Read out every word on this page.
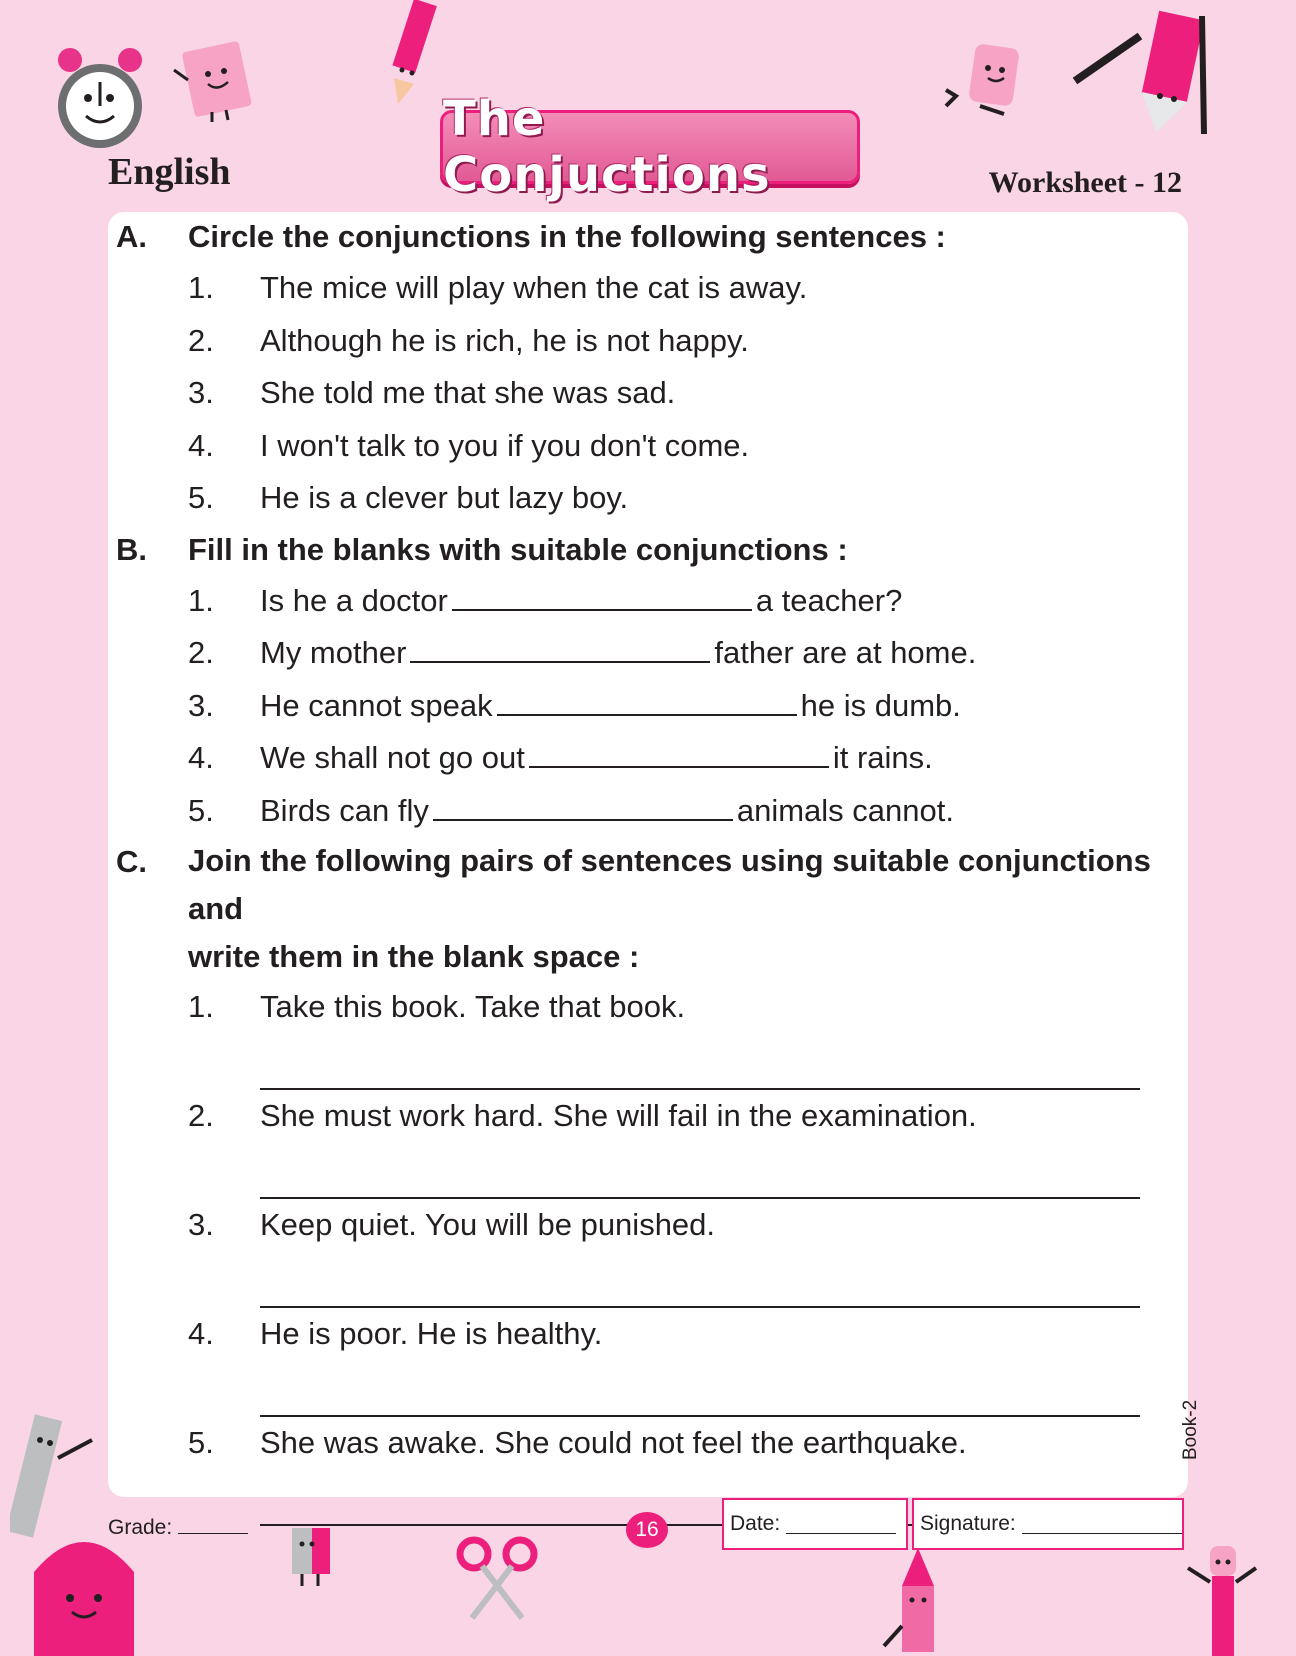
The Conjuctions
English	Worksheet - 12
A.	Circle the conjunctions in the following sentences :
1.	The mice will play when the cat is away.
2.	Although he is rich, he is not happy.
3.	She told me that she was sad.
4.	I won't talk to you if you don't come.
5.	He is a clever but lazy boy.
B.	Fill in the blanks with suitable conjunctions :
1.	Is he a doctor	a teacher?
2.	My mother	father are at home.
3.	He cannot speak	he is dumb.
4.	We shall not go out	it rains.
5.	Birds can fly	animals cannot.
C.	Join the following pairs of sentences using suitable conjunctions and
write them in the blank space :
1.	Take this book. Take that book.
2.	She must work hard. She will fail in the examination.
3.	Keep quiet. You will be punished.
4.	He is poor. He is healthy.
5.	She was awake. She could not feel the earthquake.	Book-2
Grade:	16	Date:	Signature:
